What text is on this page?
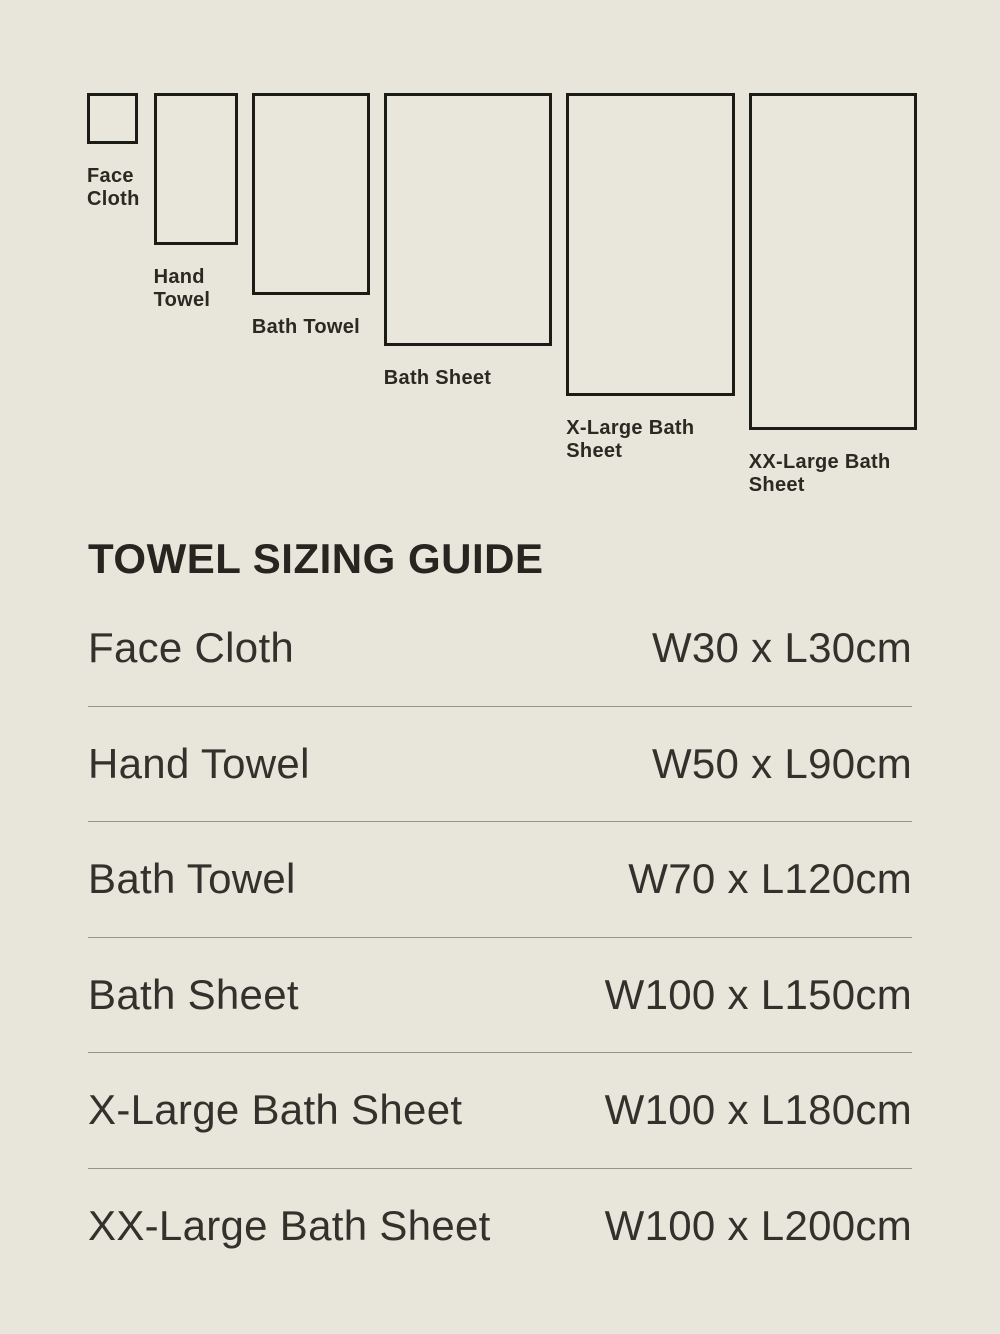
Face
Cloth
Hand
Towel
Bath Towel
Bath Sheet
X-Large Bath
Sheet	XX-Large Bath
Sheet
TOWEL SIZING GUIDE
Face Cloth	W30 x L30cm
Hand Towel	W50 x L90cm
Bath Towel	W70 x L120cm
Bath Sheet	W100 x L150cm
X-Large Bath Sheet	W100 x L180cm
XX-Large Bath Sheet	W100 x L200cm
